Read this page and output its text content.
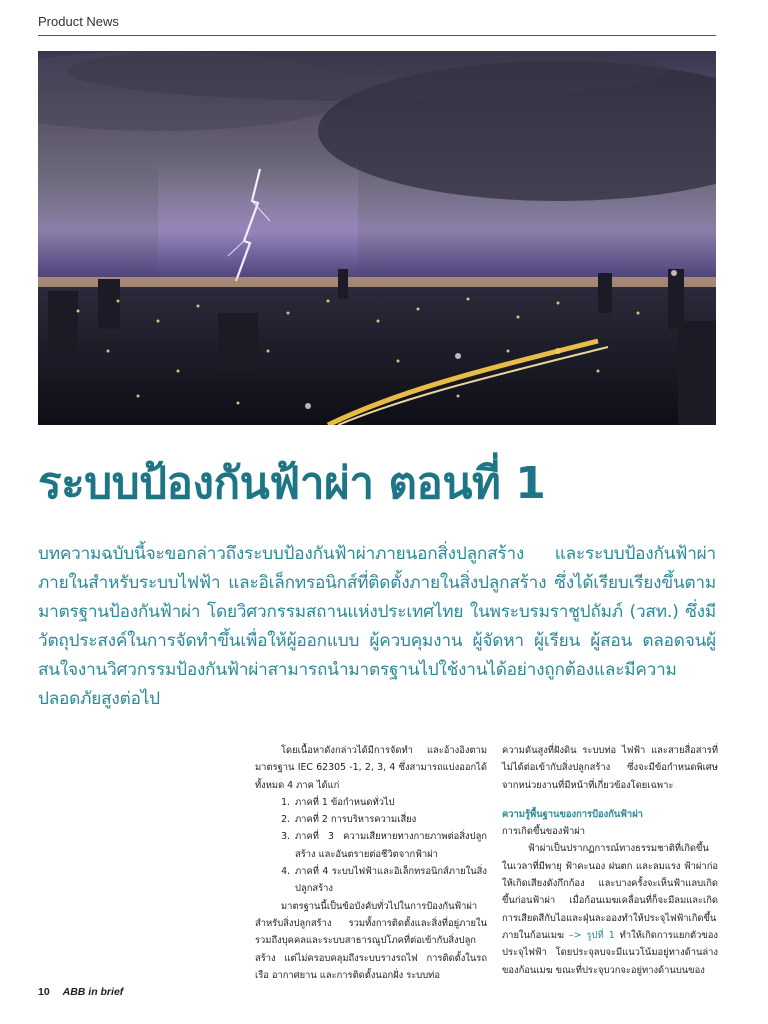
Product News
ระบบป้องกันฟ้าผ่า ตอนที่ 1
บทความฉบับนี้จะขอกล่าวถึงระบบป้องกันฟ้าผ่าภายนอกสิ่งปลูกสร้าง และระบบป้องกันฟ้าผ่าภายในสำหรับระบบไฟฟ้า และอิเล็กทรอนิกส์ที่ติดตั้งภายในสิ่งปลูกสร้าง ซึ่งได้เรียบเรียงขึ้นตามมาตรฐานป้องกันฟ้าผ่า โดยวิศวกรรมสถานแห่งประเทศไทย ในพระบรมราชูปถัมภ์ (วสท.) ซึ่งมีวัตถุประสงค์ในการจัดทำขึ้นเพื่อให้ผู้ออกแบบ ผู้ควบคุมงาน ผู้จัดหา ผู้เรียน ผู้สอน ตลอดจนผู้สนใจงานวิศวกรรมป้องกันฟ้าผ่าสามารถนำมาตรฐานไปใช้งานได้อย่างถูกต้องและมีความปลอดภัยสูงต่อไป

โดยเนื้อหาดังกล่าวได้มีการจัดทำ และอ้างอิงตามมาตรฐาน IEC 62305 -1, 2, 3, 4 ซึ่งสามารถแบ่งออกได้ทั้งหมด 4 ภาค ได้แก่

1. ภาคที่ 1 ข้อกำหนดทั่วไป
2. ภาคที่ 2 การบริหารความเสี่ยง
3. ภาคที่ 3 ความเสียหายทางกายภาพต่อสิ่งปลูกสร้าง และอันตรายต่อชีวิตจากฟ้าผ่า
4. ภาคที่ 4 ระบบไฟฟ้าและอิเล็กทรอนิกส์ภายในสิ่งปลูกสร้าง

มาตรฐานนี้เป็นข้อบังคับทั่วไปในการป้องกันฟ้าผ่าสำหรับสิ่งปลูกสร้าง รวมทั้งการติดตั้งและสิ่งที่อยู่ภายในรวมถึงบุคคลและระบบสาธารณูปโภคที่ต่อเข้ากับสิ่งปลูกสร้าง แต่ไม่ครอบคลุมถึงระบบรางรถไฟ การติดตั้งในรถ เรือ อากาศยาน และการติดตั้งนอกฝั่ง ระบบท่อ

ความดันสูงที่ฝังดิน ระบบท่อ ไฟฟ้า และสายสื่อสารที่ไม่ได้ต่อเข้ากับสิ่งปลูกสร้าง ซึ่งจะมีข้อกำหนดพิเศษจากหน่วยงานที่มีหน้าที่เกี่ยวข้องโดยเฉพาะ

ความรู้พื้นฐานของการป้องกันฟ้าผ่า

การเกิดขึ้นของฟ้าผ่า

ฟ้าผ่าเป็นปรากฏการณ์ทางธรรมชาติที่เกิดขึ้นในเวลาที่มีพายุ ฟ้าคะนอง ฝนตก และลมแรง ฟ้าผ่าก่อให้เกิดเสียงดังกึกก้อง และบางครั้งจะเห็นฟ้าแลบเกิดขึ้นก่อนฟ้าผ่า เมื่อก้อนเมฆเคลื่อนที่ก็จะมีลมและเกิดการเสียดสีกับไอและฝุ่นละอองทำให้ประจุไฟฟ้าเกิดขึ้นภายในก้อนเมฆ –> รูปที่ 1 ทำให้เกิดการแยกตัวของประจุไฟฟ้า โดยประจุลบจะมีแนวโน้มอยู่ทางด้านล่างของก้อนเมฆ ขณะที่ประจุบวกจะอยู่ทางด้านบนของ

10 ABB in brief
